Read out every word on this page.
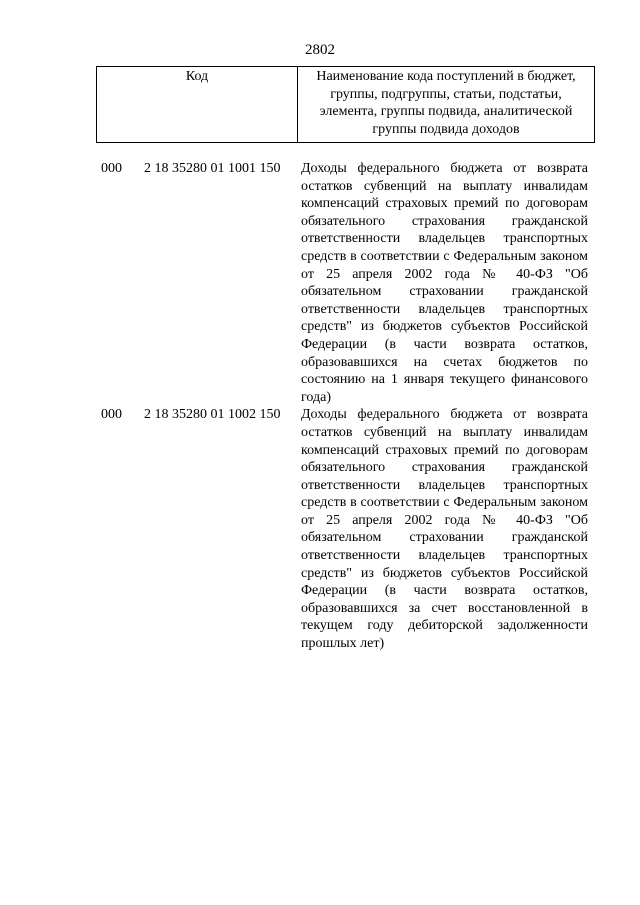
2802
Код	Наименование кода поступлений в бюджет, группы, подгруппы, статьи, подстатьи, элемента, группы подвида, аналитической группы подвида доходов
000 2 18 35280 01 1001 150 Доходы федерального бюджета от возврата остатков субвенций на выплату инвалидам компенсаций страховых премий по договорам обязательного страхования гражданской ответственности владельцев транспортных средств в соответствии с Федеральным законом от 25 апреля 2002 года № 40-ФЗ "Об обязательном страховании гражданской ответственности владельцев транспортных средств" из бюджетов субъектов Российской Федерации (в части возврата остатков, образовавшихся на счетах бюджетов по состоянию на 1 января текущего финансового года)
000 2 18 35280 01 1002 150 Доходы федерального бюджета от возврата остатков субвенций на выплату инвалидам компенсаций страховых премий по договорам обязательного страхования гражданской ответственности владельцев транспортных средств в соответствии с Федеральным законом от 25 апреля 2002 года № 40-ФЗ "Об обязательном страховании гражданской ответственности владельцев транспортных средств" из бюджетов субъектов Российской Федерации (в части возврата остатков, образовавшихся за счет восстановленной в текущем году дебиторской задолженности прошлых лет)
